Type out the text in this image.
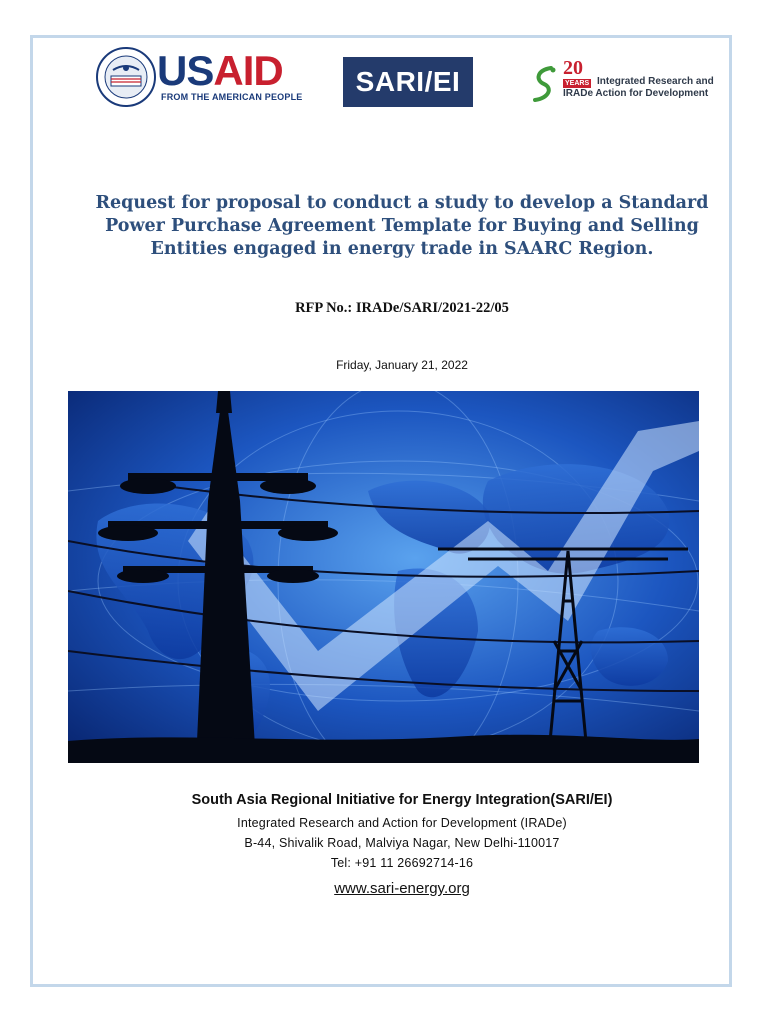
USAID
FROM THE AMERICAN PEOPLE	SARI/EI	20
YEARS Integrated Research and
IRADe Action for Development
Request for proposal to conduct a study to develop a Standard
Power Purchase Agreement Template for Buying and Selling
Entities engaged in energy trade in SAARC Region.
RFP No.: IRADe/SARI/2021-22/05
Friday, January 21, 2022

South Asia Regional Initiative for Energy Integration(SARI/EI)

Integrated Research and Action for Development (IRADe)

B-44, Shivalik Road, Malviya Nagar, New Delhi-110017

Tel: +91 11 26692714-16

www.sari-energy.org
